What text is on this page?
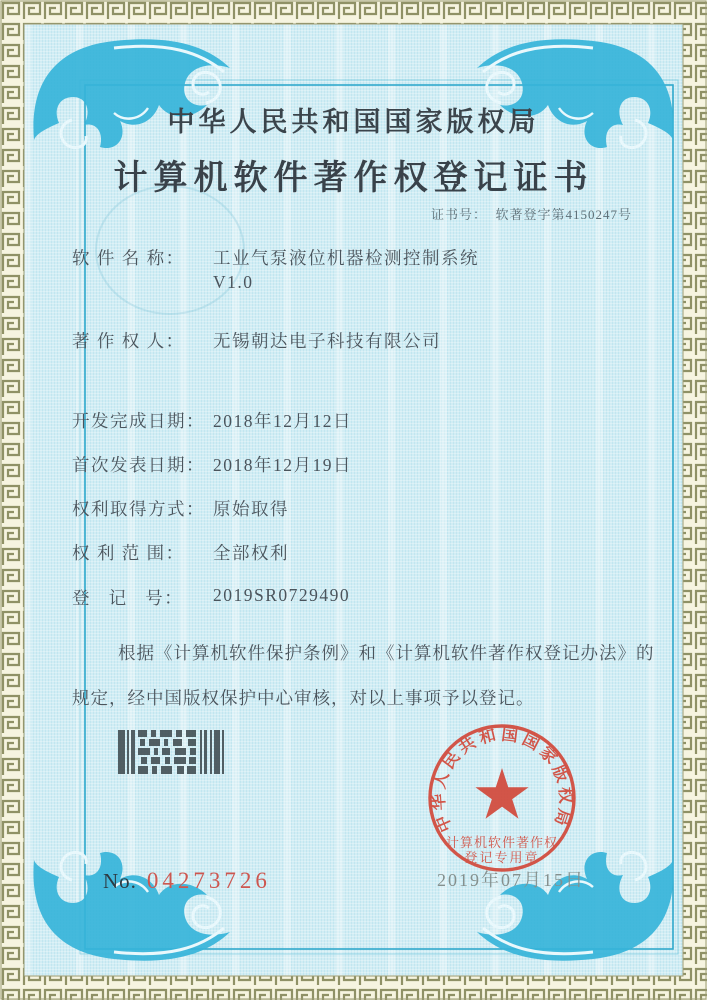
中华人民共和国国家版权局
计算机软件著作权登记证书
证书号：  软著登字第4150247号
软 件 名 称： 工业气泵液位机器检测控制系统
V1.0
著 作 权 人： 无锡朝达电子科技有限公司
开发完成日期： 2018年12月12日
首次发表日期： 2018年12月19日
权利取得方式： 原始取得
权 利 范 围： 全部权利
登   记   号： 2019SR0729490
根据《计算机软件保护条例》和《计算机软件著作权登记办法》的
规定，经中国版权保护中心审核，对以上事项予以登记。
中华人民共和国国家版权局
计算机软件著作权
登记专用章
2019年07月15日
No. 04273726
